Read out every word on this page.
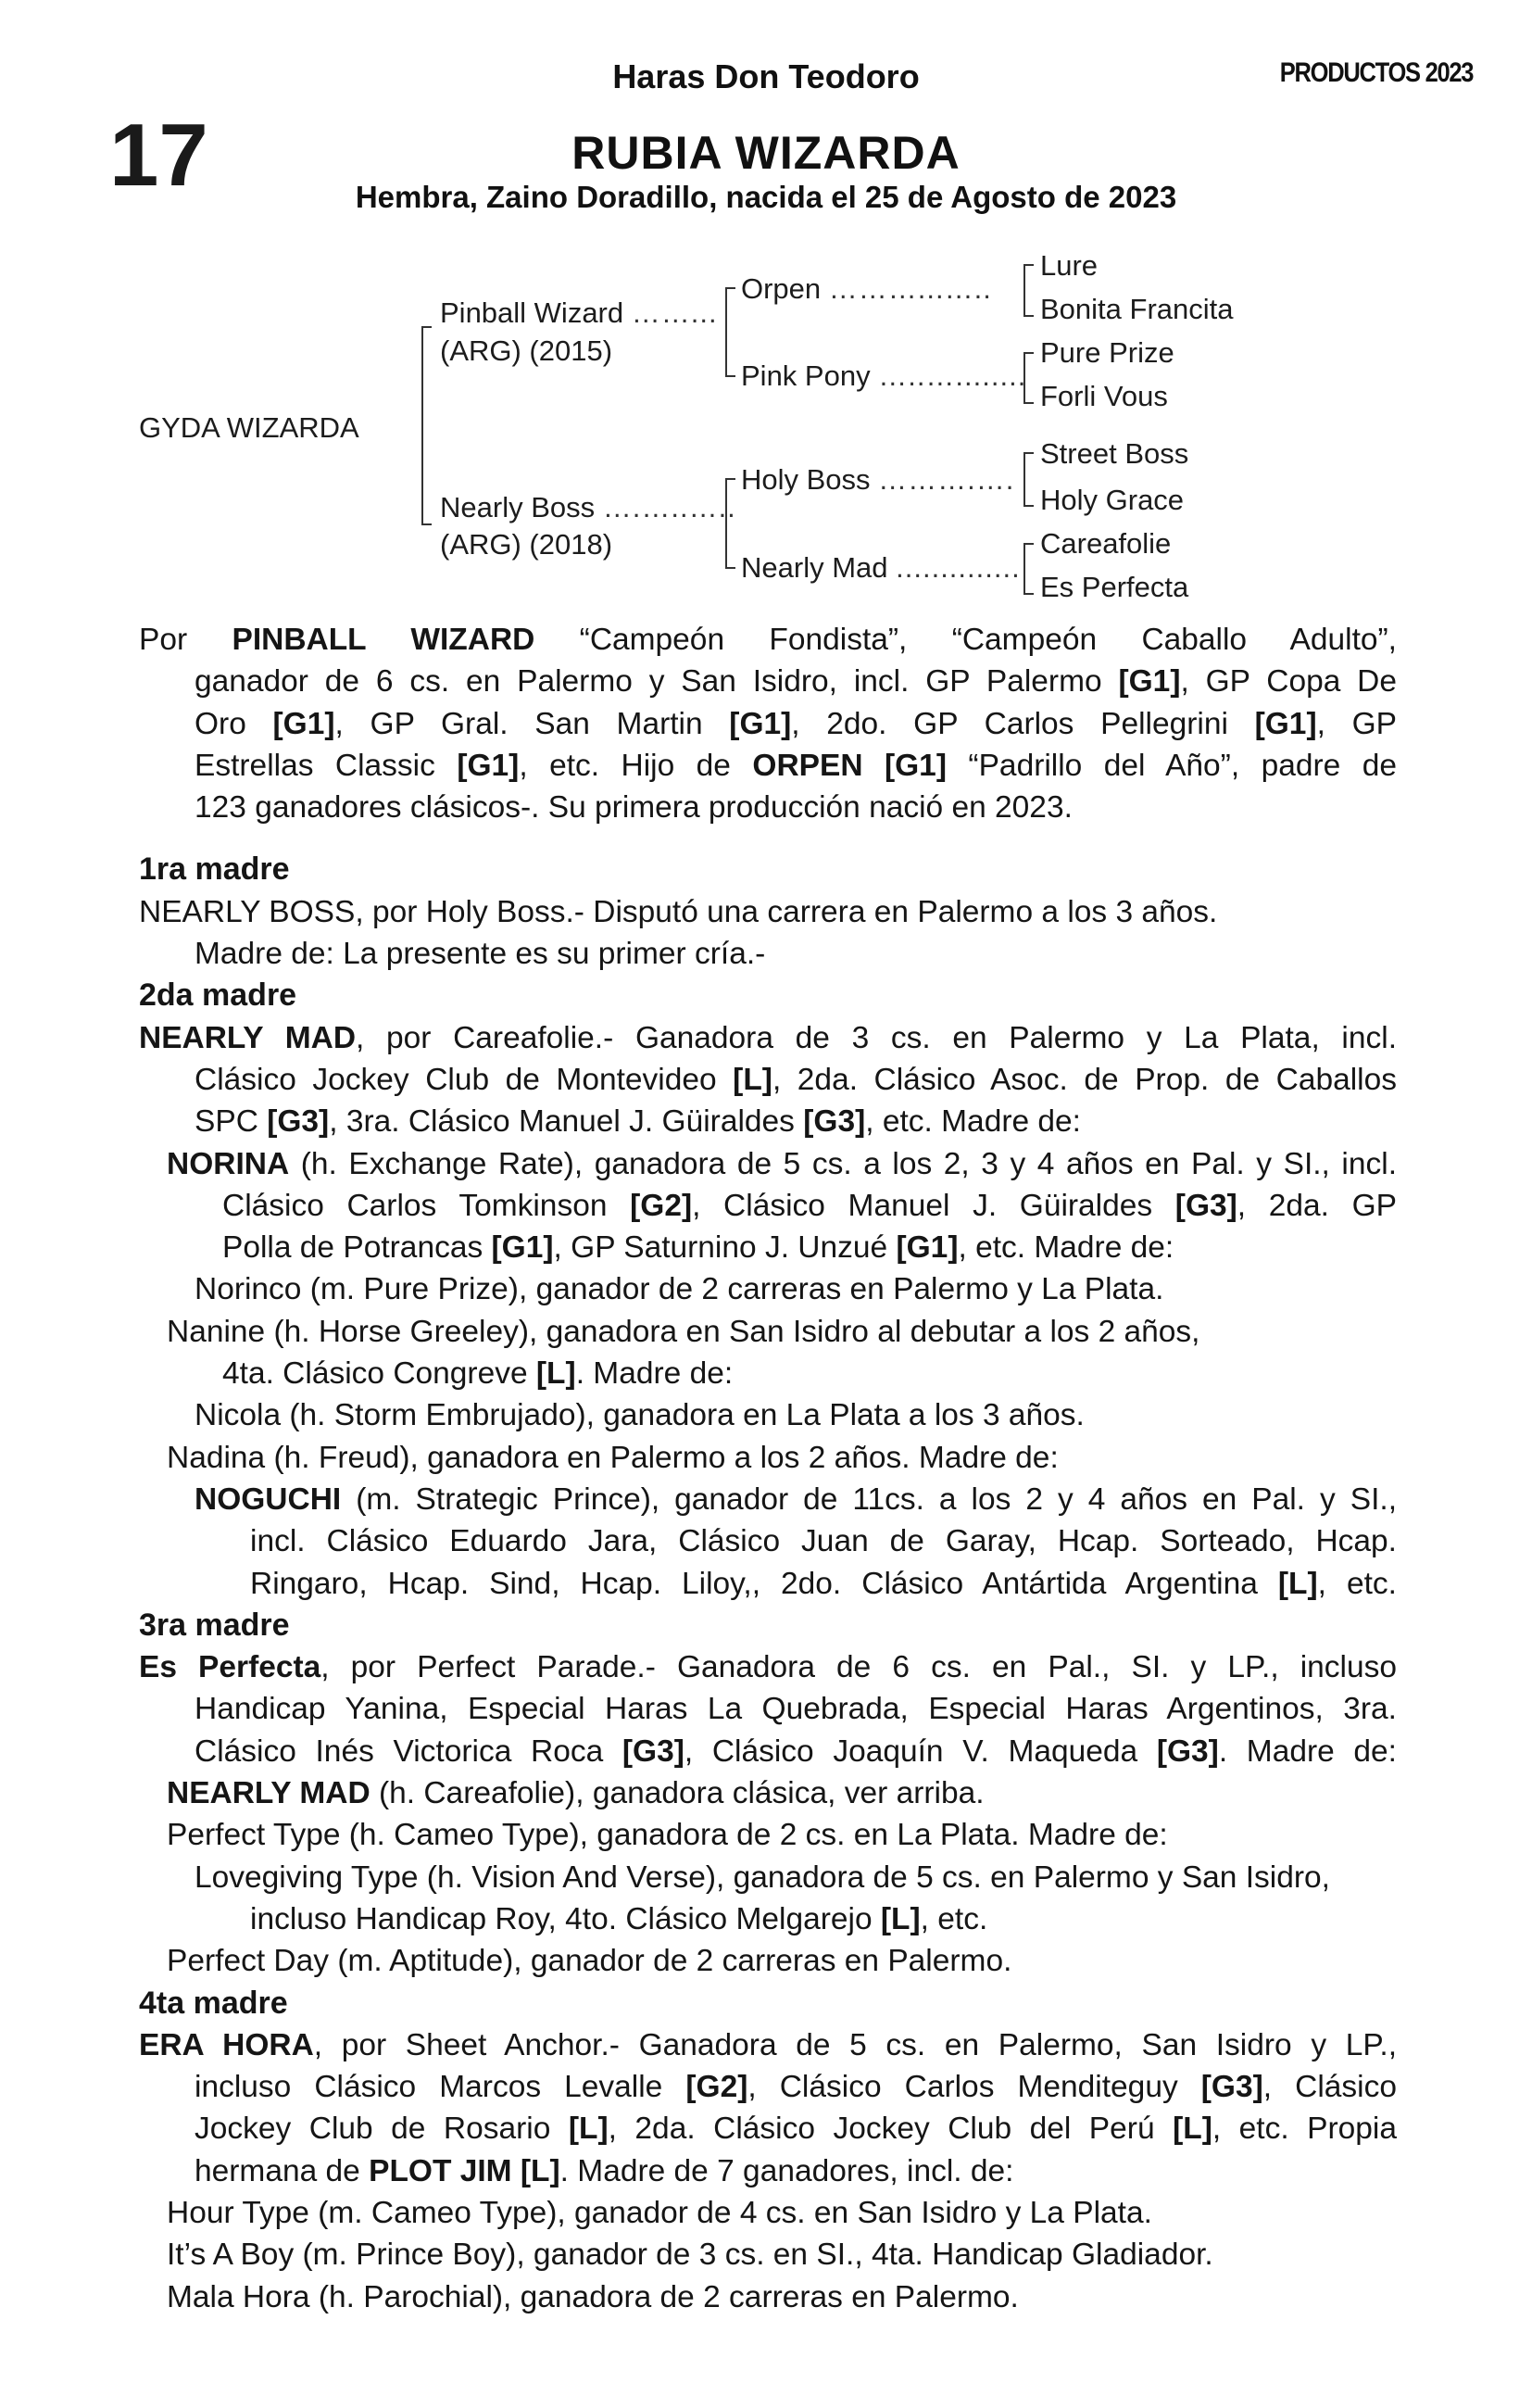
Haras Don Teodoro	PRODUCTOS 2023
17	RUBIA WIZARDA
Hembra, Zaino Doradillo, nacida el 25 de Agosto de 2023
GYDA WIZARDA
Pinball Wizard ……...
(ARG) (2015)
Nearly Boss ….…..…..
(ARG) (2018)
Orpen ………...…..
Pink Pony …..…........
Holy Boss ……….….
Nearly Mad ..............
Lure
Bonita Francita
Pure Prize
Forli Vous
Street Boss
Holy Grace
Careafolie
Es Perfecta
Por PINBALL WIZARD “Campeón Fondista”, “Campeón Caballo Adulto”,
ganador de 6 cs. en Palermo y San Isidro, incl. GP Palermo [G1], GP Copa De
Oro [G1], GP Gral. San Martin [G1], 2do. GP Carlos Pellegrini [G1], GP
Estrellas Classic [G1], etc. Hijo de ORPEN [G1] “Padrillo del Año”, padre de
123 ganadores clásicos-. Su primera producción nació en 2023.
1ra madre
NEARLY BOSS, por Holy Boss.- Disputó una carrera en Palermo a los 3 años.
Madre de: La presente es su primer cría.-
2da madre
NEARLY MAD, por Careafolie.- Ganadora de 3 cs. en Palermo y La Plata, incl.
Clásico Jockey Club de Montevideo [L], 2da. Clásico Asoc. de Prop. de Caballos
SPC [G3], 3ra. Clásico Manuel J. Güiraldes [G3], etc. Madre de:
NORINA (h. Exchange Rate), ganadora de 5 cs. a los 2, 3 y 4 años en Pal. y SI., incl.
Clásico Carlos Tomkinson [G2], Clásico Manuel J. Güiraldes [G3], 2da. GP
Polla de Potrancas [G1], GP Saturnino J. Unzué [G1], etc. Madre de:
Norinco (m. Pure Prize), ganador de 2 carreras en Palermo y La Plata.
Nanine (h. Horse Greeley), ganadora en San Isidro al debutar a los 2 años,
4ta. Clásico Congreve [L]. Madre de:
Nicola (h. Storm Embrujado), ganadora en La Plata a los 3 años.
Nadina (h. Freud), ganadora en Palermo a los 2 años. Madre de:
NOGUCHI (m. Strategic Prince), ganador de 11cs. a los 2 y 4 años en Pal. y SI.,
incl. Clásico Eduardo Jara, Clásico Juan de Garay, Hcap. Sorteado, Hcap.
Ringaro, Hcap. Sind, Hcap. Liloy,, 2do. Clásico Antártida Argentina [L], etc.
3ra madre
Es Perfecta, por Perfect Parade.- Ganadora de 6 cs. en Pal., SI. y LP., incluso
Handicap Yanina, Especial Haras La Quebrada, Especial Haras Argentinos, 3ra.
Clásico Inés Victorica Roca [G3], Clásico Joaquín V. Maqueda [G3]. Madre de:
NEARLY MAD (h. Careafolie), ganadora clásica, ver arriba.
Perfect Type (h. Cameo Type), ganadora de 2 cs. en La Plata. Madre de:
Lovegiving Type (h. Vision And Verse), ganadora de 5 cs. en Palermo y San Isidro,
incluso Handicap Roy, 4to. Clásico Melgarejo [L], etc.
Perfect Day (m. Aptitude), ganador de 2 carreras en Palermo.
4ta madre
ERA HORA, por Sheet Anchor.- Ganadora de 5 cs. en Palermo, San Isidro y LP.,
incluso Clásico Marcos Levalle [G2], Clásico Carlos Menditeguy [G3], Clásico
Jockey Club de Rosario [L], 2da. Clásico Jockey Club del Perú [L], etc. Propia
hermana de PLOT JIM [L]. Madre de 7 ganadores, incl. de:
Hour Type (m. Cameo Type), ganador de 4 cs. en San Isidro y La Plata.
It’s A Boy (m. Prince Boy), ganador de 3 cs. en SI., 4ta. Handicap Gladiador.
Mala Hora (h. Parochial), ganadora de 2 carreras en Palermo.
